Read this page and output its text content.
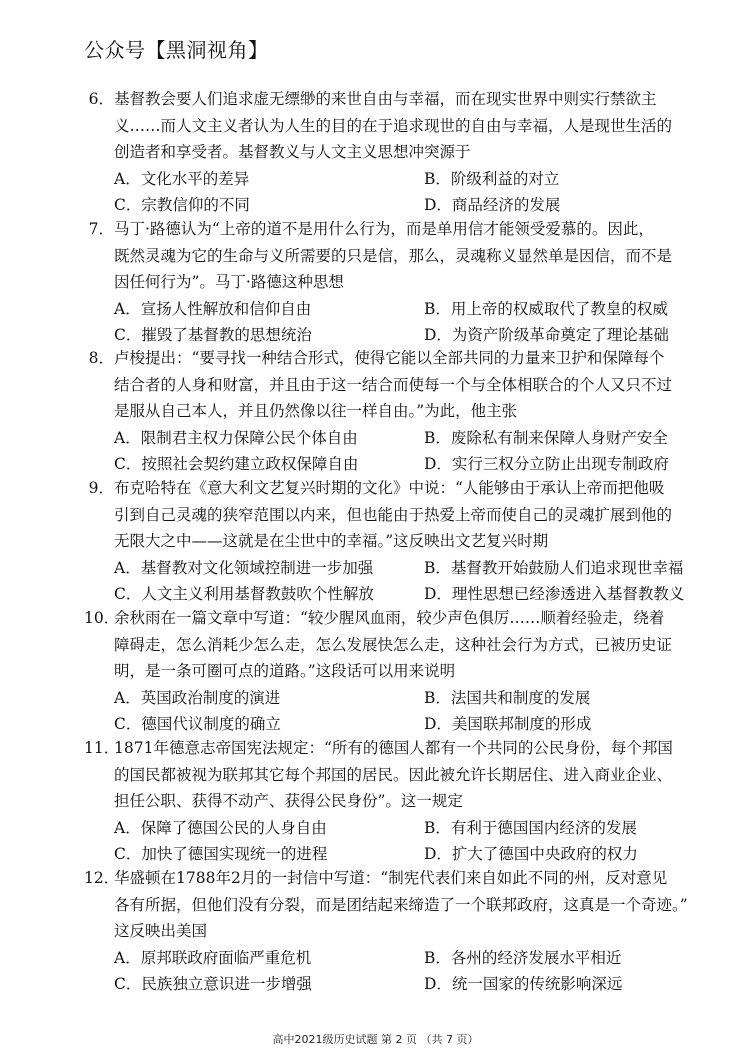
公众号【黑洞视角】
6．基督教会要人们追求虚无缥缈的来世自由与幸福，而在现实世界中则实行禁欲主
义……而人文主义者认为人生的目的在于追求现世的自由与幸福，人是现世生活的
创造者和享受者。基督教义与人文主义思想冲突源于
A．文化水平的差异	B．阶级利益的对立
C．宗教信仰的不同	D．商品经济的发展
7．马丁·路德认为“上帝的道不是用什么行为，而是单用信才能领受爱慕的。因此，
既然灵魂为它的生命与义所需要的只是信，那么，灵魂称义显然单是因信，而不是
因任何行为”。马丁·路德这种思想
A．宣扬人性解放和信仰自由	B．用上帝的权威取代了教皇的权威
C．摧毁了基督教的思想统治	D．为资产阶级革命奠定了理论基础
8．卢梭提出：“要寻找一种结合形式，使得它能以全部共同的力量来卫护和保障每个
结合者的人身和财富，并且由于这一结合而使每一个与全体相联合的个人又只不过
是服从自己本人，并且仍然像以往一样自由。”为此，他主张
A．限制君主权力保障公民个体自由	B．废除私有制来保障人身财产安全
C．按照社会契约建立政权保障自由	D．实行三权分立防止出现专制政府
9．布克哈特在《意大利文艺复兴时期的文化》中说：“人能够由于承认上帝而把他吸
引到自己灵魂的狭窄范围以内来，但也能由于热爱上帝而使自己的灵魂扩展到他的
无限大之中——这就是在尘世中的幸福。”这反映出文艺复兴时期
A．基督教对文化领域控制进一步加强	B．基督教开始鼓励人们追求现世幸福
C．人文主义利用基督教鼓吹个性解放	D．理性思想已经渗透进入基督教教义
10．余秋雨在一篇文章中写道：“较少腥风血雨，较少声色俱厉……顺着经验走，绕着
障碍走，怎么消耗少怎么走，怎么发展快怎么走，这种社会行为方式，已被历史证
明，是一条可圈可点的道路。”这段话可以用来说明
A．英国政治制度的演进	B．法国共和制度的发展
C．德国代议制度的确立	D．美国联邦制度的形成
11．1871年德意志帝国宪法规定：“所有的德国人都有一个共同的公民身份，每个邦国
的国民都被视为联邦其它每个邦国的居民。因此被允许长期居住、进入商业企业、
担任公职、获得不动产、获得公民身份”。这一规定
A．保障了德国公民的人身自由	B．有利于德国国内经济的发展
C．加快了德国实现统一的进程	D．扩大了德国中央政府的权力
12．华盛顿在1788年2月的一封信中写道：“制宪代表们来自如此不同的州，反对意见
各有所据，但他们没有分裂，而是团结起来缔造了一个联邦政府，这真是一个奇迹。”
这反映出美国
A．原邦联政府面临严重危机	B．各州的经济发展水平相近
C．民族独立意识进一步增强	D．统一国家的传统影响深远
高中2021级历史试题 第 2 页 （共 7 页）
